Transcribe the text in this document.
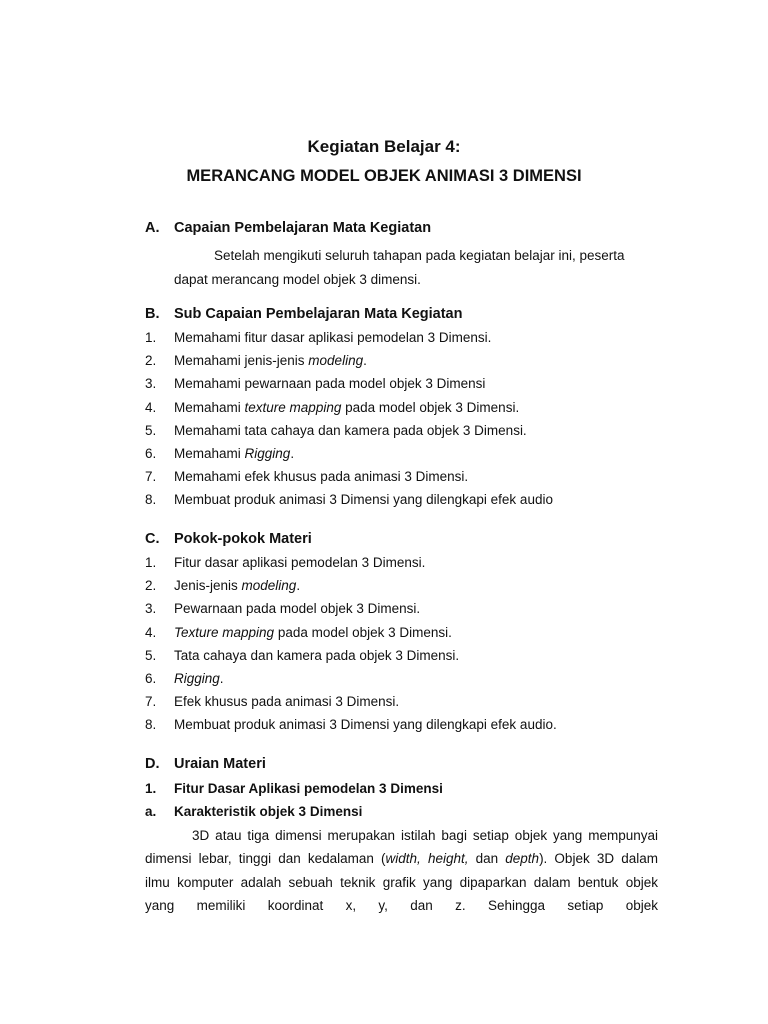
Kegiatan Belajar 4:
MERANCANG MODEL OBJEK ANIMASI 3 DIMENSI
A. Capaian Pembelajaran Mata Kegiatan
Setelah mengikuti seluruh tahapan pada kegiatan belajar ini, peserta dapat merancang model objek 3 dimensi.
B. Sub Capaian Pembelajaran Mata Kegiatan
1. Memahami fitur dasar aplikasi pemodelan 3 Dimensi.
2. Memahami jenis-jenis modeling.
3. Memahami pewarnaan pada model objek 3 Dimensi
4. Memahami texture mapping pada model objek 3 Dimensi.
5. Memahami tata cahaya dan kamera pada objek 3 Dimensi.
6. Memahami Rigging.
7. Memahami efek khusus pada animasi 3 Dimensi.
8. Membuat produk animasi 3 Dimensi yang dilengkapi efek audio
C. Pokok-pokok Materi
1. Fitur dasar aplikasi pemodelan 3 Dimensi.
2. Jenis-jenis modeling.
3. Pewarnaan pada model objek 3 Dimensi.
4. Texture mapping pada model objek 3 Dimensi.
5. Tata cahaya dan kamera pada objek 3 Dimensi.
6. Rigging.
7. Efek khusus pada animasi 3 Dimensi.
8. Membuat produk animasi 3 Dimensi yang dilengkapi efek audio.
D. Uraian Materi
1. Fitur Dasar Aplikasi pemodelan 3 Dimensi
a. Karakteristik objek 3 Dimensi
3D atau tiga dimensi merupakan istilah bagi setiap objek yang mempunyai dimensi lebar, tinggi dan kedalaman (width, height, dan depth). Objek 3D dalam ilmu komputer adalah sebuah teknik grafik yang dipaparkan dalam bentuk objek yang memiliki koordinat x, y, dan z. Sehingga setiap objek
